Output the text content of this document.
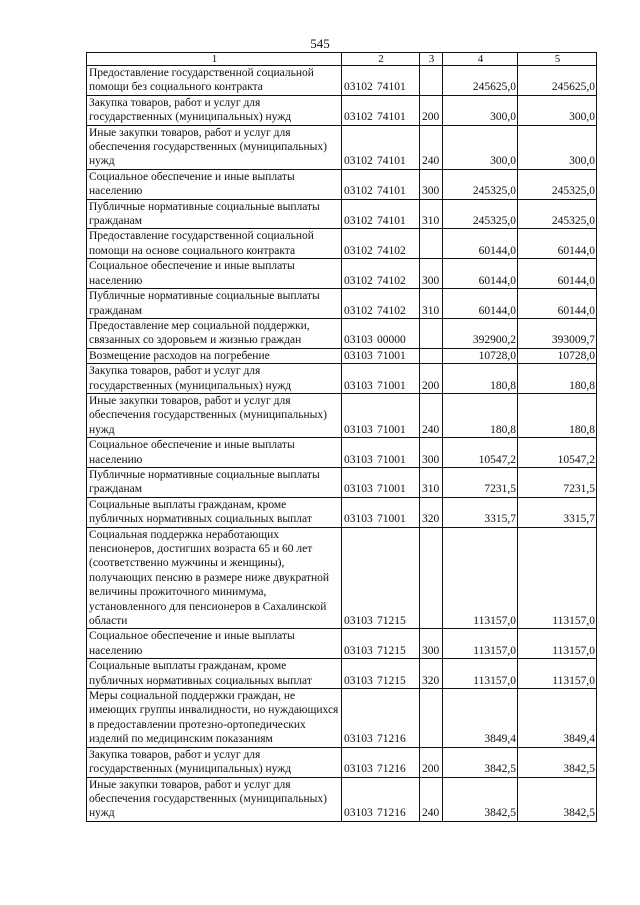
545
1	2	3	4	5
Предоставление государственной социальной помощи без социального контракта	03102 74101		245625,0	245625,0
Закупка товаров, работ и услуг для государственных (муниципальных) нужд	03102 74101	200	300,0	300,0
Иные закупки товаров, работ и услуг для обеспечения государственных (муниципальных) нужд	03102 74101	240	300,0	300,0
Социальное обеспечение и иные выплаты населению	03102 74101	300	245325,0	245325,0
Публичные нормативные социальные выплаты гражданам	03102 74101	310	245325,0	245325,0
Предоставление государственной социальной помощи на основе социального контракта	03102 74102		60144,0	60144,0
Социальное обеспечение и иные выплаты населению	03102 74102	300	60144,0	60144,0
Публичные нормативные социальные выплаты гражданам	03102 74102	310	60144,0	60144,0
Предоставление мер социальной поддержки, связанных со здоровьем и жизнью граждан	03103 00000		392900,2	393009,7
Возмещение расходов на погребение	03103 71001		10728,0	10728,0
Закупка товаров, работ и услуг для государственных (муниципальных) нужд	03103 71001	200	180,8	180,8
Иные закупки товаров, работ и услуг для обеспечения государственных (муниципальных) нужд	03103 71001	240	180,8	180,8
Социальное обеспечение и иные выплаты населению	03103 71001	300	10547,2	10547,2
Публичные нормативные социальные выплаты гражданам	03103 71001	310	7231,5	7231,5
Социальные выплаты гражданам, кроме публичных нормативных социальных выплат	03103 71001	320	3315,7	3315,7
Социальная поддержка неработающих пенсионеров, достигших возраста 65 и 60 лет (соответственно мужчины и женщины), получающих пенсию в размере ниже двукратной величины прожиточного минимума, установленного для пенсионеров в Сахалинской области	03103 71215		113157,0	113157,0
Социальное обеспечение и иные выплаты населению	03103 71215	300	113157,0	113157,0
Социальные выплаты гражданам, кроме публичных нормативных социальных выплат	03103 71215	320	113157,0	113157,0
Меры социальной поддержки граждан, не имеющих группы инвалидности, но нуждающихся в предоставлении протезно-ортопедических изделий по медицинским показаниям	03103 71216		3849,4	3849,4
Закупка товаров, работ и услуг для государственных (муниципальных) нужд	03103 71216	200	3842,5	3842,5
Иные закупки товаров, работ и услуг для обеспечения государственных (муниципальных) нужд	03103 71216	240	3842,5	3842,5
